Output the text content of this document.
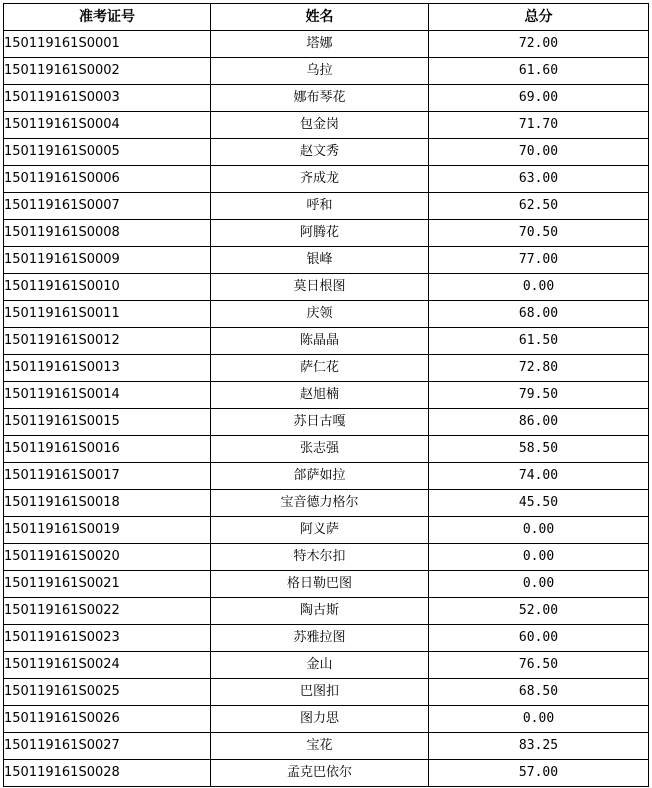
准考证号	姓名	总分
150119161S0001	塔娜	72.00
150119161S0002	乌拉	61.60
150119161S0003	娜布琴花	69.00
150119161S0004	包金岗	71.70
150119161S0005	赵文秀	70.00
150119161S0006	齐成龙	63.00
150119161S0007	呼和	62.50
150119161S0008	阿腾花	70.50
150119161S0009	银峰	77.00
150119161S0010	莫日根图	0.00
150119161S0011	庆领	68.00
150119161S0012	陈晶晶	61.50
150119161S0013	萨仁花	72.80
150119161S0014	赵旭楠	79.50
150119161S0015	苏日古嘎	86.00
150119161S0016	张志强	58.50
150119161S0017	郃萨如拉	74.00
150119161S0018	宝音德力格尔	45.50
150119161S0019	阿义萨	0.00
150119161S0020	特木尔扣	0.00
150119161S0021	格日勒巴图	0.00
150119161S0022	陶古斯	52.00
150119161S0023	苏雅拉图	60.00
150119161S0024	金山	76.50
150119161S0025	巴图扣	68.50
150119161S0026	图力思	0.00
150119161S0027	宝花	83.25
150119161S0028	孟克巴依尔	57.00
